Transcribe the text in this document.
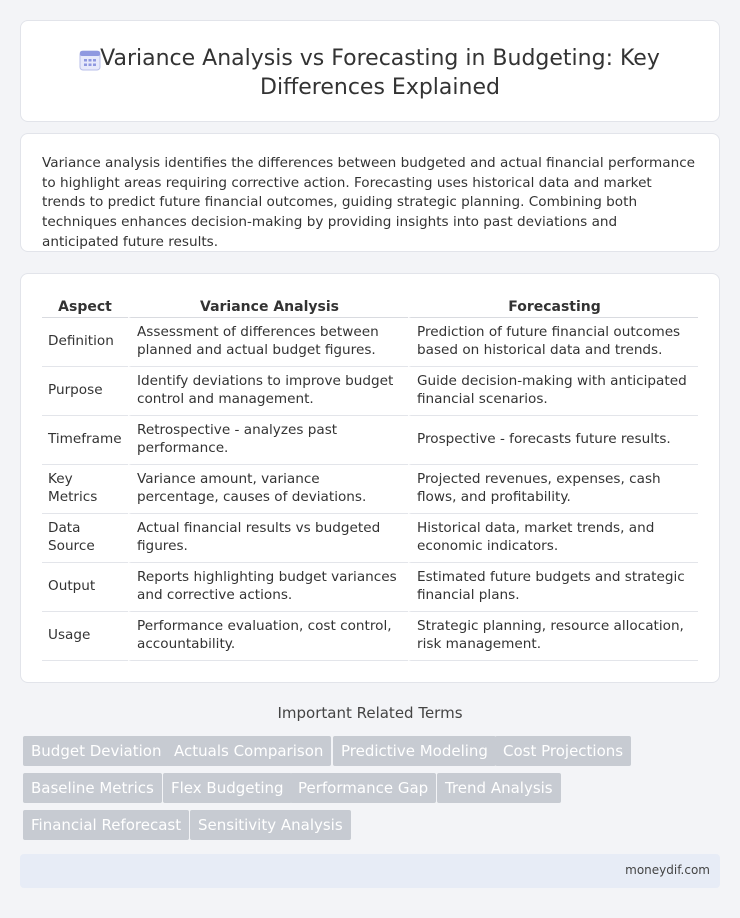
Variance Analysis vs Forecasting in Budgeting: Key Differences Explained

Variance analysis identifies the differences between budgeted and actual financial performance to highlight areas requiring corrective action. Forecasting uses historical data and market trends to predict future financial outcomes, guiding strategic planning. Combining both techniques enhances decision-making by providing insights into past deviations and anticipated future results.

Aspect	Variance Analysis	Forecasting
Definition	Assessment of differences between planned and actual budget figures.	Prediction of future financial outcomes based on historical data and trends.
Purpose	Identify deviations to improve budget control and management.	Guide decision-making with anticipated financial scenarios.
Timeframe	Retrospective - analyzes past performance.	Prospective - forecasts future results.
Key Metrics	Variance amount, variance percentage, causes of deviations.	Projected revenues, expenses, cash flows, and profitability.
Data Source	Actual financial results vs budgeted figures.	Historical data, market trends, and economic indicators.
Output	Reports highlighting budget variances and corrective actions.	Estimated future budgets and strategic financial plans.
Usage	Performance evaluation, cost control, accountability.	Strategic planning, resource allocation, risk management.
Important Related Terms
Budget Deviation Actuals Comparison	Predictive Modeling	Cost Projections
Baseline Metrics	Flex Budgeting Performance Gap	Trend Analysis
Financial Reforecast	Sensitivity Analysis
moneydif.com
